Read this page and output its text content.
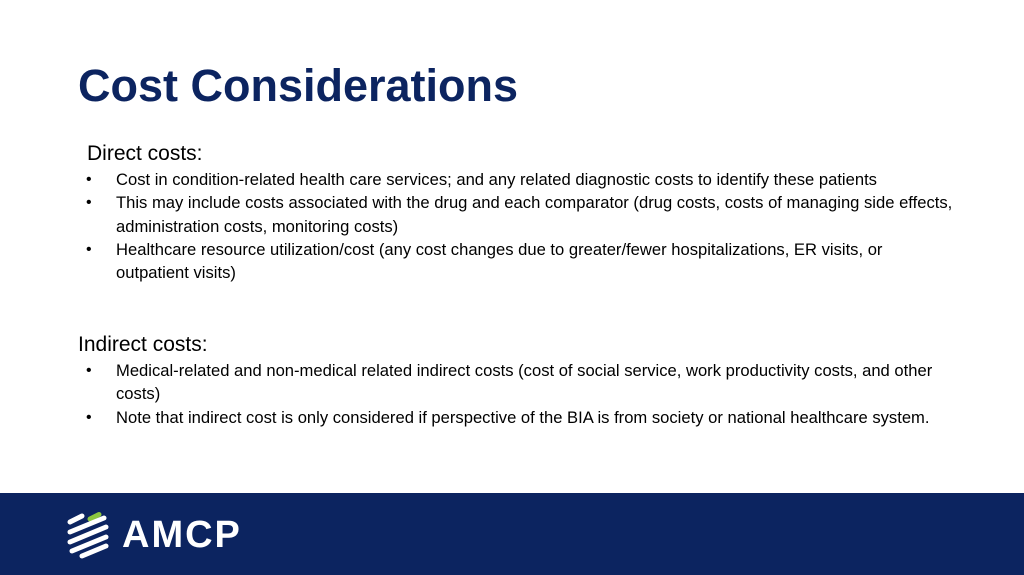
Cost Considerations
Direct costs:
• Cost in condition-related health care services; and any related diagnostic costs to identify these patients
• This may include costs associated with the drug and each comparator (drug costs, costs of managing side effects, administration costs, monitoring costs)
• Healthcare resource utilization/cost (any cost changes due to greater/fewer hospitalizations, ER visits, or outpatient visits)
Indirect costs:
• Medical-related and non-medical related indirect costs (cost of social service, work productivity costs, and other costs)
• Note that indirect cost is only considered if perspective of the BIA is from society or national healthcare system.
AMCP
